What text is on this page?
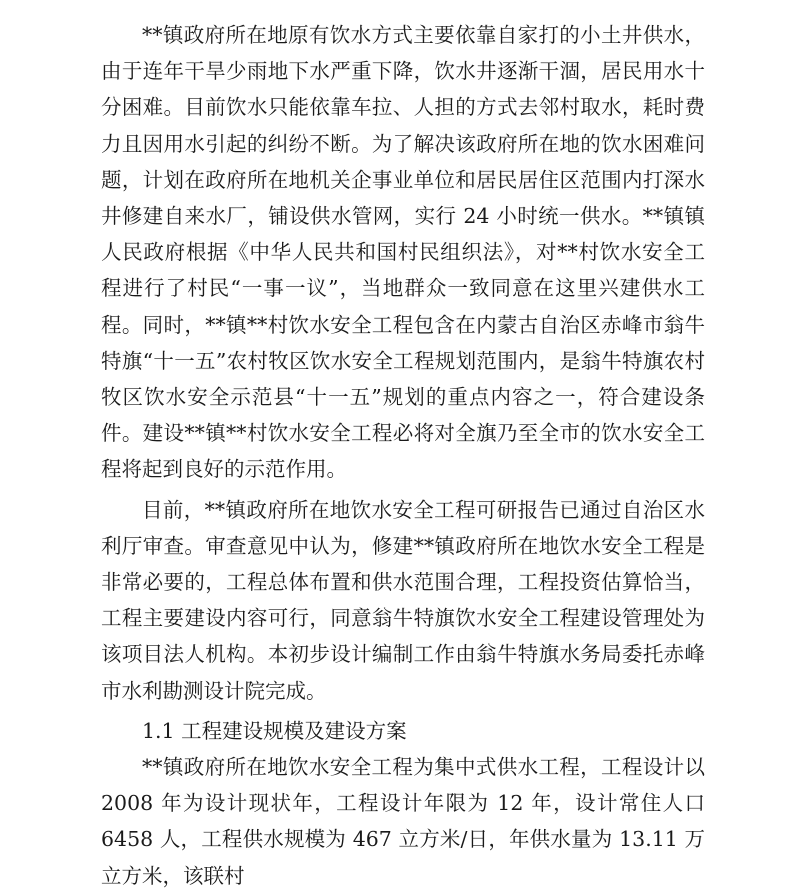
**镇政府所在地原有饮水方式主要依靠自家打的小土井供水，由于连年干旱少雨地下水严重下降，饮水井逐渐干涸，居民用水十分困难。目前饮水只能依靠车拉、人担的方式去邻村取水，耗时费力且因用水引起的纠纷不断。为了解决该政府所在地的饮水困难问题，计划在政府所在地机关企事业单位和居民居住区范围内打深水井修建自来水厂，铺设供水管网，实行 24 小时统一供水。**镇镇人民政府根据《中华人民共和国村民组织法》，对**村饮水安全工程进行了村民“一事一议”，当地群众一致同意在这里兴建供水工程。同时，**镇**村饮水安全工程包含在内蒙古自治区赤峰市翁牛特旗“十一五”农村牧区饮水安全工程规划范围内，是翁牛特旗农村牧区饮水安全示范县“十一五”规划的重点内容之一，符合建设条件。建设**镇**村饮水安全工程必将对全旗乃至全市的饮水安全工程将起到良好的示范作用。

目前，**镇政府所在地饮水安全工程可研报告已通过自治区水利厅审查。审查意见中认为，修建**镇政府所在地饮水安全工程是非常必要的，工程总体布置和供水范围合理，工程投资估算恰当，工程主要建设内容可行，同意翁牛特旗饮水安全工程建设管理处为该项目法人机构。本初步设计编制工作由翁牛特旗水务局委托赤峰市水利勘测设计院完成。

1.1 工程建设规模及建设方案

**镇政府所在地饮水安全工程为集中式供水工程，工程设计以 2008 年为设计现状年，工程设计年限为 12 年，设计常住人口 6458 人，工程供水规模为 467 立方米/日，年供水量为 13.11 万立方米，该联村
